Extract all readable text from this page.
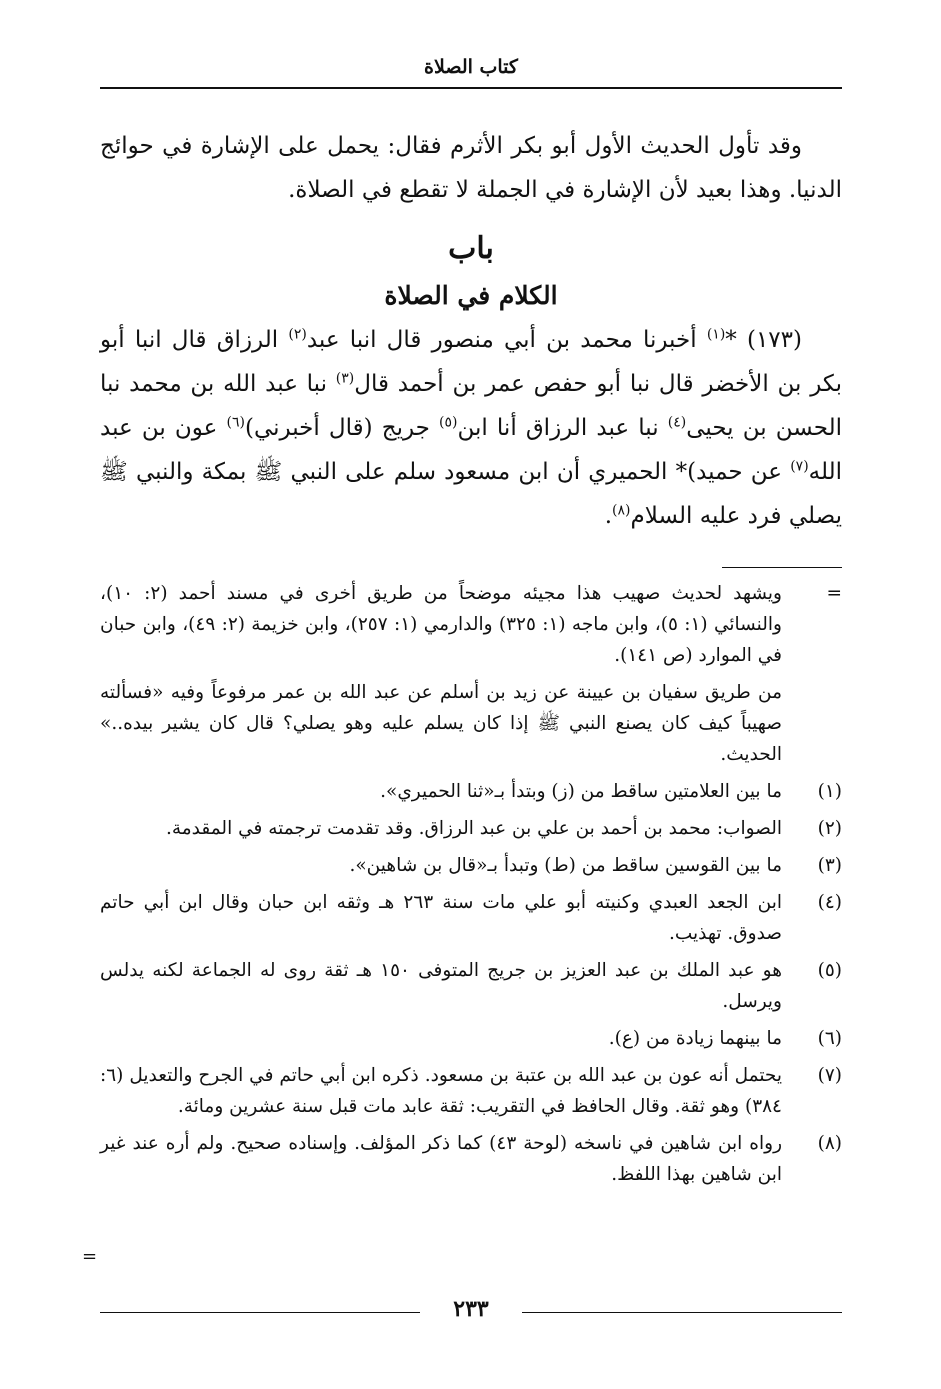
كتاب الصلاة

وقد تأول الحديث الأول أبو بكر الأثرم فقال: يحمل على الإشارة في حوائج الدنيا. وهذا بعيد لأن الإشارة في الجملة لا تقطع في الصلاة.

باب

الكلام في الصلاة

(١٧٣) *$^{(١)}$ أخبرنا محمد بن أبي منصور قال انبا عبد$^{(٢)}$ الرزاق قال انبا أبو بكر بن الأخضر قال نبا أبو حفص عمر بن أحمد قال$^{(٣)}$ نبا عبد الله بن محمد نبا الحسن بن يحيى$^{(٤)}$ نبا عبد الرزاق أنا ابن$^{(٥)}$ جريج (قال أخبرني)$^{(٦)}$ عون بن عبد الله$^{(٧)}$ عن حميد)* الحميري أن ابن مسعود سلم على النبي ﷺ بمكة والنبي ﷺ يصلي فرد عليه السلام$^{(٨)}$.

=

ويشهد لحديث صهيب هذا مجيئه موضحاً من طريق أخرى في مسند أحمد (٢: ١٠)، والنسائي (١: ٥)، وابن ماجه (١: ٣٢٥) والدارمي (١: ٢٥٧)، وابن خزيمة (٢: ٤٩)، وابن حبان في الموارد (ص ١٤١).

من طريق سفيان بن عيينة عن زيد بن أسلم عن عبد الله بن عمر مرفوعاً وفيه «فسألته صهيباً كيف كان يصنع النبي ﷺ إذا كان يسلم عليه وهو يصلي؟ قال كان يشير بيده..» الحديث.

(١)

ما بين العلامتين ساقط من (ز) وبتدأ بـ«ثنا الحميري».

(٢)

الصواب: محمد بن أحمد بن علي بن عبد الرزاق. وقد تقدمت ترجمته في المقدمة.

(٣)

ما بين القوسين ساقط من (ط) وتبدأ بـ«قال بن شاهين».

(٤)

ابن الجعد العبدي وكنيته أبو علي مات سنة ٢٦٣ هـ وثقه ابن حبان وقال ابن أبي حاتم صدوق. تهذيب.

(٥)

هو عبد الملك بن عبد العزيز بن جريج المتوفى ١٥٠ هـ ثقة روى له الجماعة لكنه يدلس ويرسل.

(٦)

ما بينهما زيادة من (ع).

(٧)

يحتمل أنه عون بن عبد الله بن عتبة بن مسعود. ذكره ابن أبي حاتم في الجرح والتعديل (٦: ٣٨٤) وهو ثقة. وقال الحافظ في التقريب: ثقة عابد مات قبل سنة عشرين ومائة.

(٨)

رواه ابن شاهين في ناسخه (لوحة ٤٣) كما ذكر المؤلف. وإسناده صحيح. ولم أره عند غير ابن شاهين بهذا اللفظ.

=
٢٣٣
